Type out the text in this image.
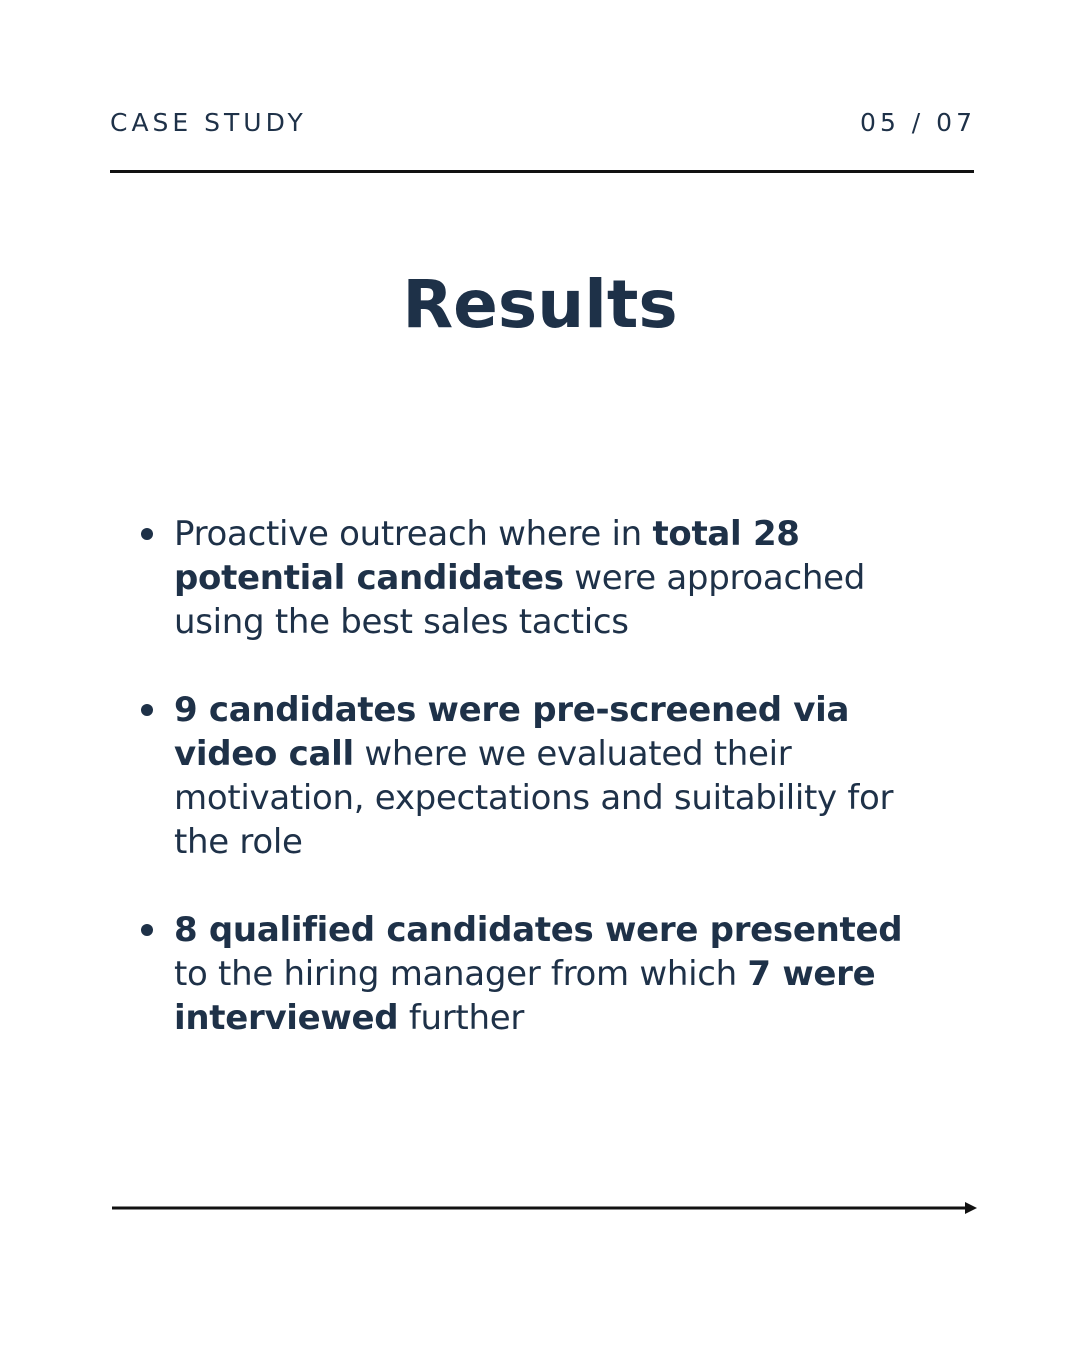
CASE STUDY	05 / 07
Results
Proactive outreach where in total 28 potential candidates were approached using the best sales tactics
9 candidates were pre-screened via video call where we evaluated their motivation, expectations and suitability for the role
8 qualified candidates were presented to the hiring manager from which 7 were interviewed further
